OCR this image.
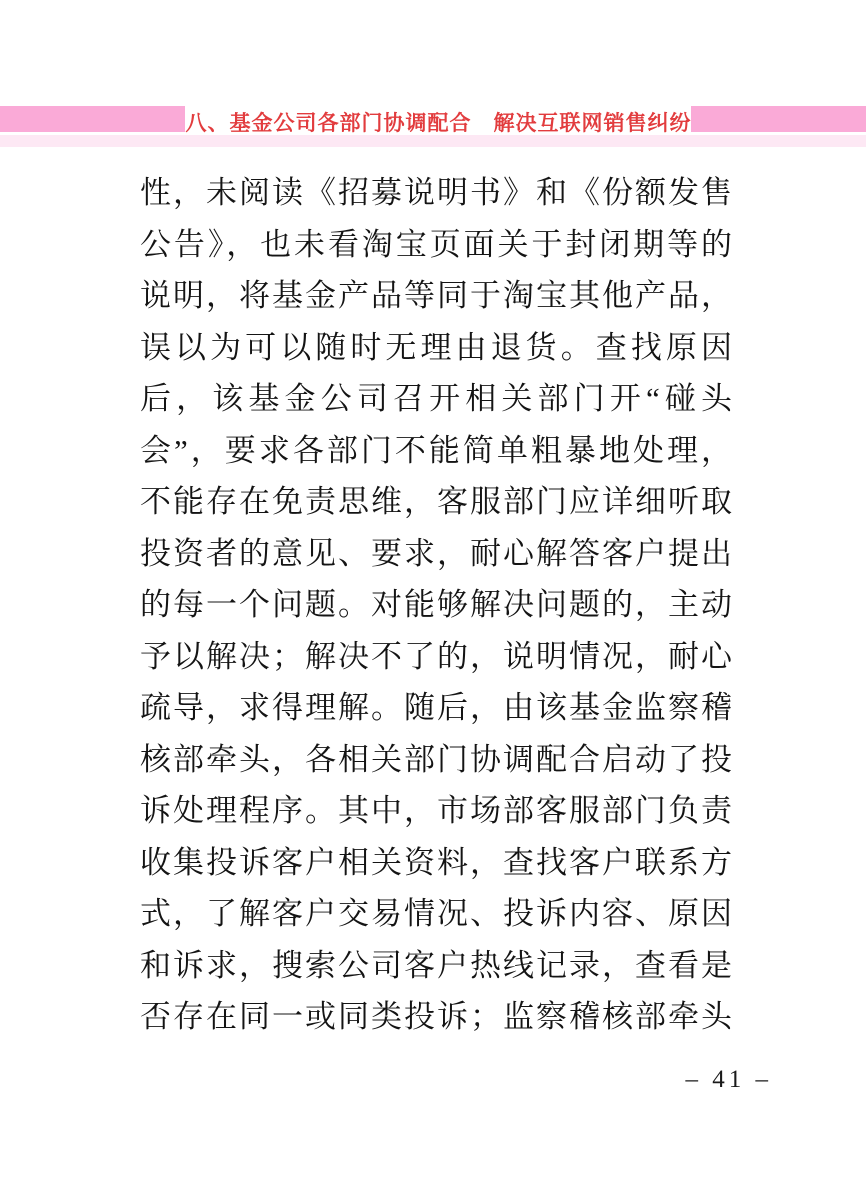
八、基金公司各部门协调配合　解决互联网销售纠纷
性，未阅读《招募说明书》和《份额发售
公告》，也未看淘宝页面关于封闭期等的
说明，将基金产品等同于淘宝其他产品，
误以为可以随时无理由退货。查找原因
后，该基金公司召开相关部门开“碰头
会”，要求各部门不能简单粗暴地处理，
不能存在免责思维，客服部门应详细听取
投资者的意见、要求，耐心解答客户提出
的每一个问题。对能够解决问题的，主动
予以解决；解决不了的，说明情况，耐心
疏导，求得理解。随后，由该基金监察稽
核部牵头，各相关部门协调配合启动了投
诉处理程序。其中，市场部客服部门负责
收集投诉客户相关资料，查找客户联系方
式，了解客户交易情况、投诉内容、原因
和诉求，搜索公司客户热线记录，查看是
否存在同一或同类投诉；监察稽核部牵头
– 41 –
